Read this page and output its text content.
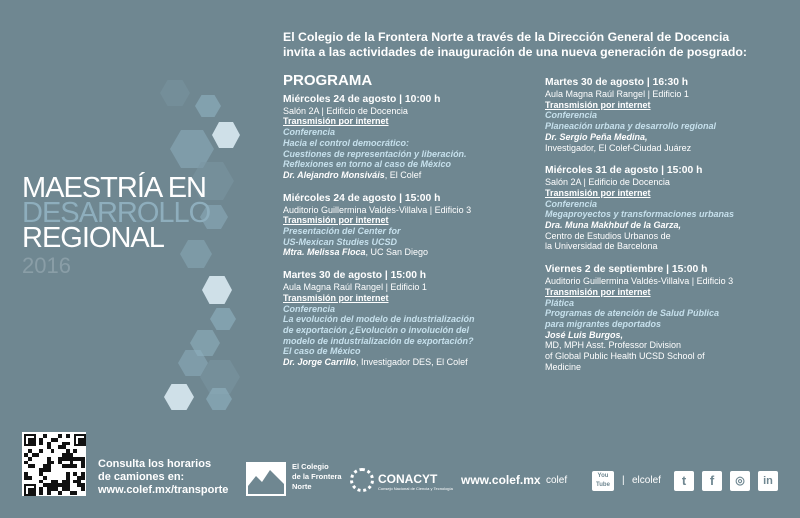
MAESTRÍA EN
DESARROLLO
REGIONAL
2016
El Colegio de la Frontera Norte a través de la Dirección General de Docencia
invita a las actividades de inauguración de una nueva generación de posgrado:
PROGRAMA
Miércoles 24 de agosto | 10:00 h
Salón 2A | Edificio de Docencia
Transmisión por internet
Conferencia
Hacia el control democrático:
Cuestiones de representación y liberación.
Reflexiones en torno al caso de México
Dr. Alejandro Monsiváis, El Colef
Miércoles 24 de agosto | 15:00 h
Auditorio Guillermina Valdés-Villalva | Edificio 3
Transmisión por internet
Presentación del Center for
US-Mexican Studies UCSD
Mtra. Melissa Floca, UC San Diego
Martes 30 de agosto | 15:00 h
Aula Magna Raúl Rangel | Edificio 1
Transmisión por internet
Conferencia
La evolución del modelo de industrialización
de exportación ¿Evolución o involución del
modelo de industrialización de exportación?
El caso de México
Dr. Jorge Carrillo, Investigador DES, El Colef
Martes 30 de agosto | 16:30 h
Aula Magna Raúl Rangel | Edificio 1
Transmisión por internet
Conferencia
Planeación urbana y desarrollo regional
Dr. Sergio Peña Medina,
Investigador, El Colef-Ciudad Juárez
Miércoles 31 de agosto | 15:00 h
Salón 2A | Edificio de Docencia
Transmisión por internet
Conferencia
Megaproyectos y transformaciones urbanas
Dra. Muna Makhbuf de la Garza,
Centro de Estudios Urbanos de
la Universidad de Barcelona
Viernes 2 de septiembre | 15:00 h
Auditorio Guillermina Valdés-Villalva | Edificio 3
Transmisión por internet
Plática
Programas de atención de Salud Pública
para migrantes deportados
José Luis Burgos,
MD, MPH Asst. Professor Division
of Global Public Health UCSD School of
Medicine
Consulta los horarios
de camiones en:
www.colef.mx/transporte
El Colegio
de la Frontera
Norte
CONACYT
Consejo Nacional de Ciencia y Tecnología
www.colef.mx colef	You Tube	| elcolef	t	f	◎	in
